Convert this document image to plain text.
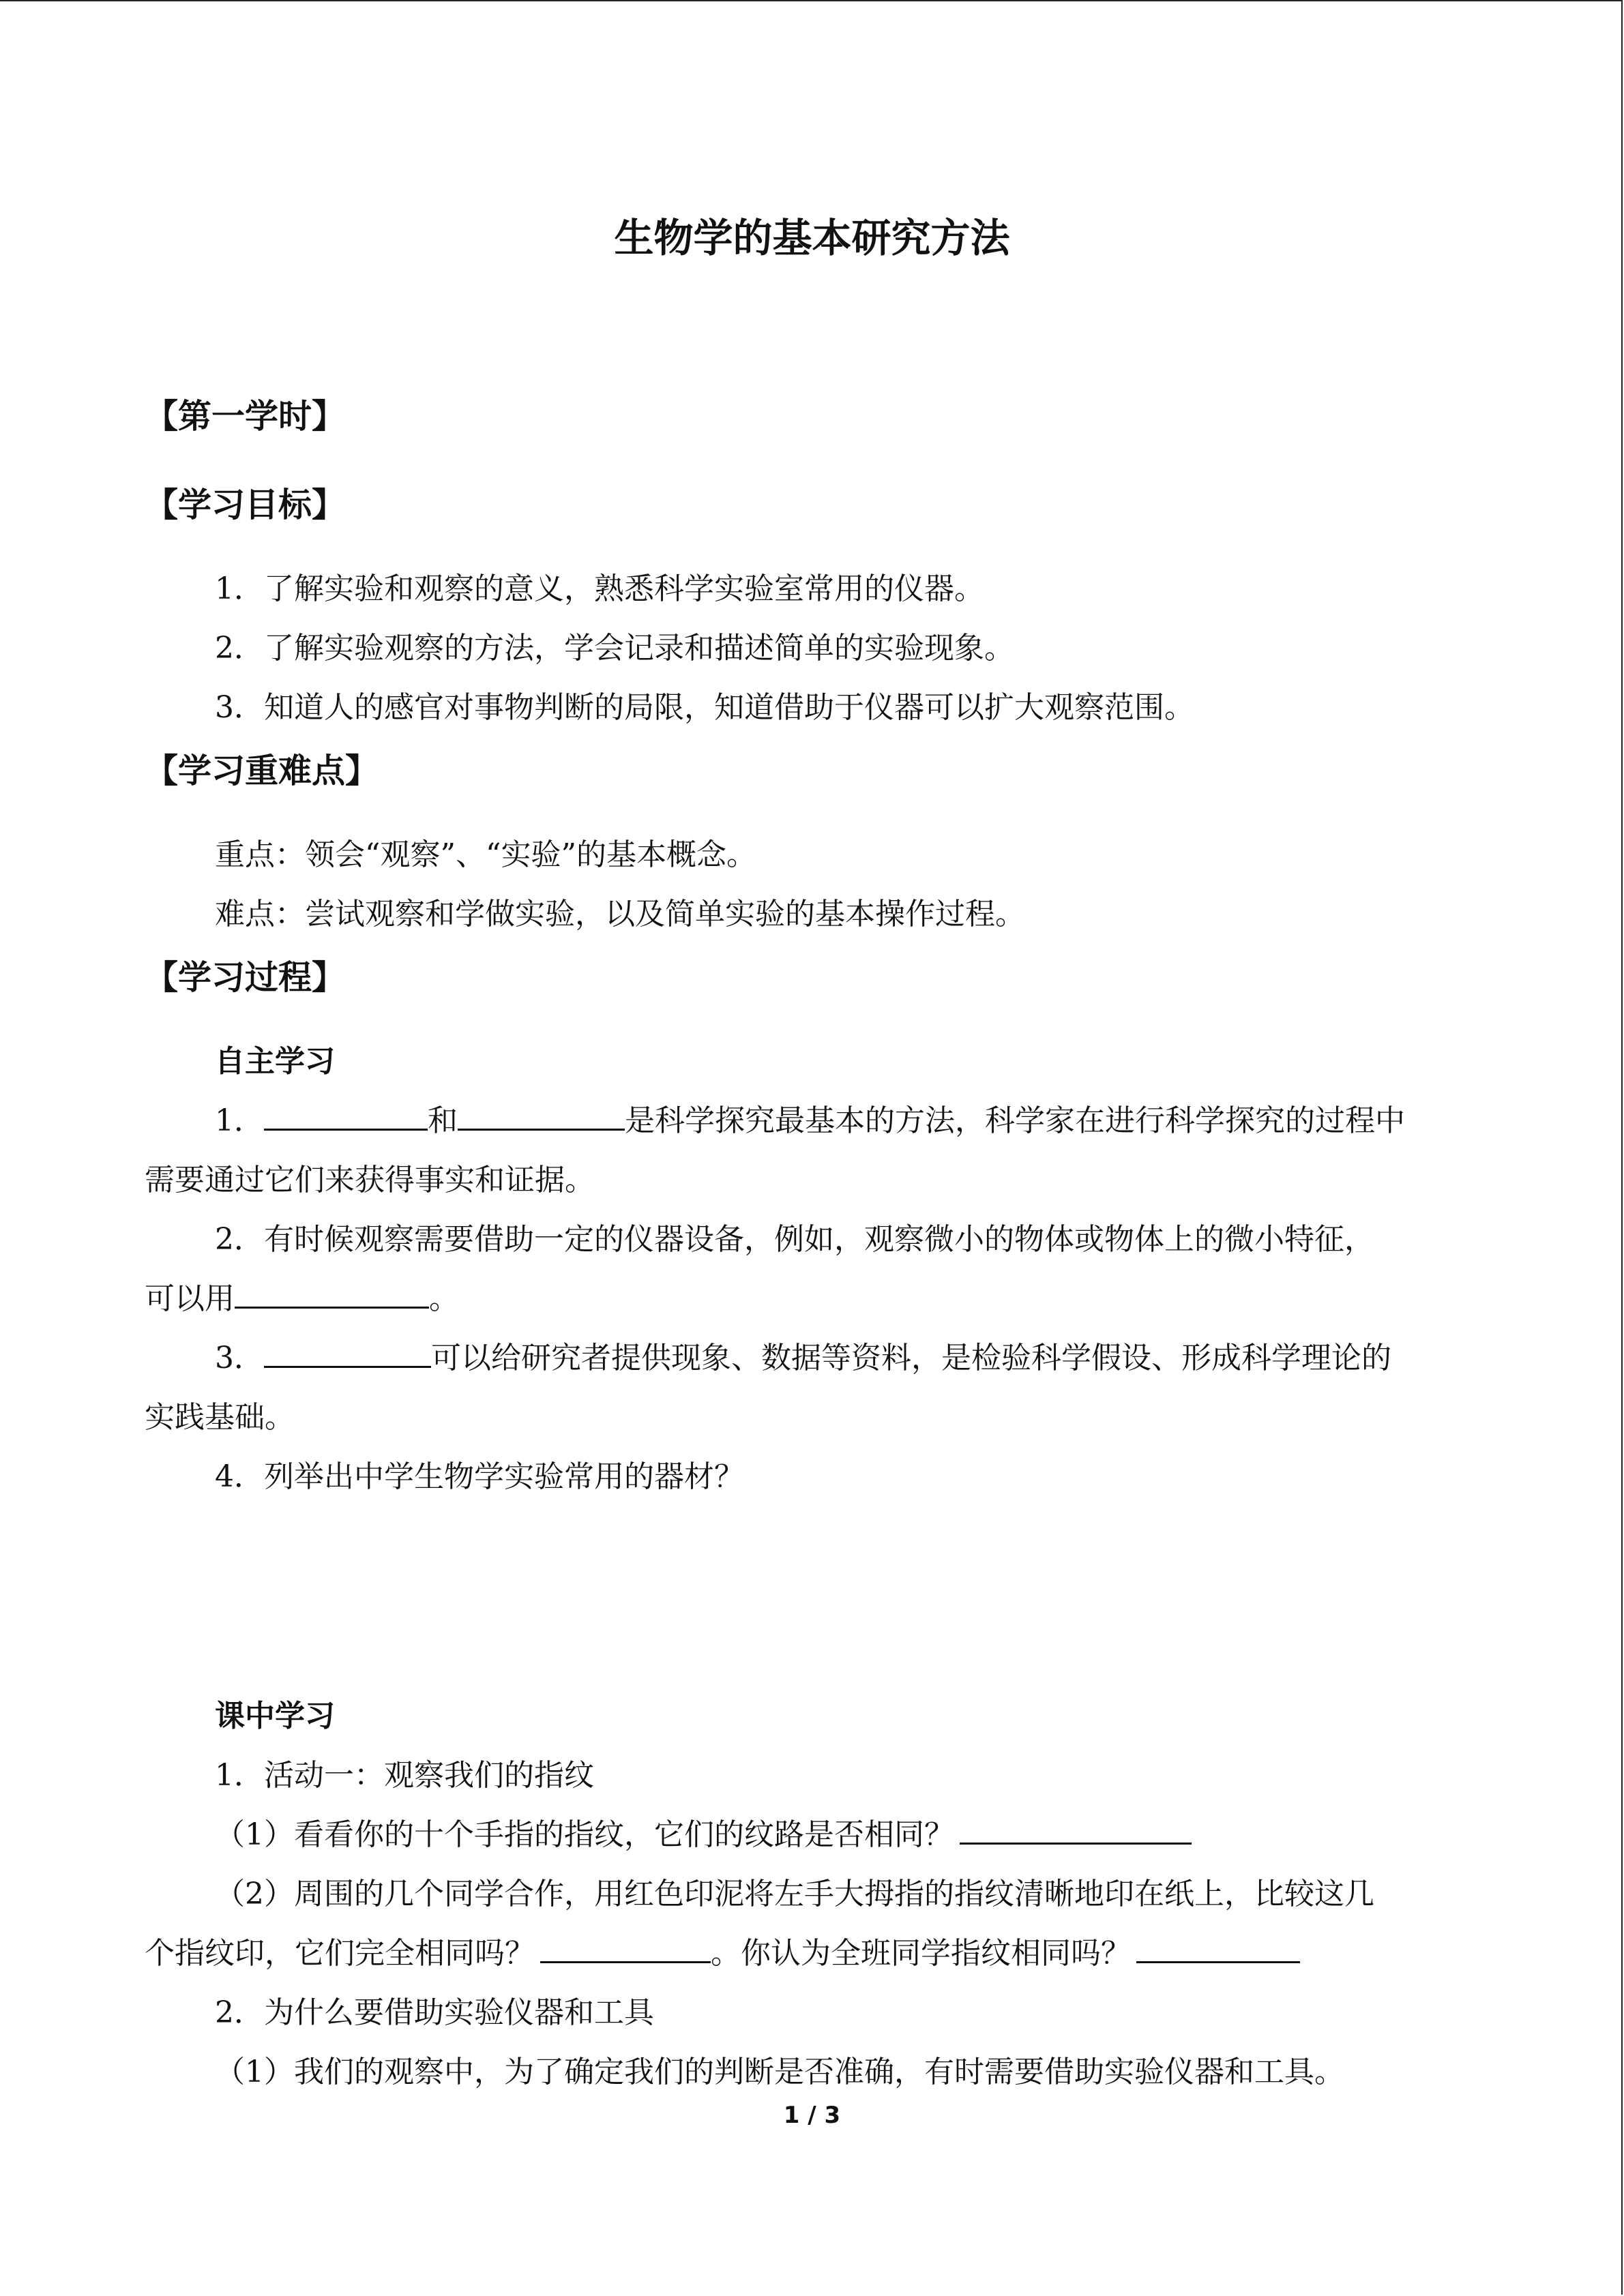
生物学的基本研究方法
【第一学时】
【学习目标】
1．了解实验和观察的意义，熟悉科学实验室常用的仪器。
2．了解实验观察的方法，学会记录和描述简单的实验现象。
3．知道人的感官对事物判断的局限，知道借助于仪器可以扩大观察范围。
【学习重难点】
重点：领会“观察”、“实验”的基本概念。
难点：尝试观察和学做实验，以及简单实验的基本操作过程。
【学习过程】
自主学习
1．	和	是科学探究最基本的方法，科学家在进行科学探究的过程中
需要通过它们来获得事实和证据。
2．有时候观察需要借助一定的仪器设备，例如，观察微小的物体或物体上的微小特征，
可以用	。
3．	可以给研究者提供现象、数据等资料，是检验科学假设、形成科学理论的
实践基础。
4．列举出中学生物学实验常用的器材？
课中学习
1．活动一：观察我们的指纹
（1）看看你的十个手指的指纹，它们的纹路是否相同？
（2）周围的几个同学合作，用红色印泥将左手大拇指的指纹清晰地印在纸上，比较这几
个指纹印，它们完全相同吗？	。你认为全班同学指纹相同吗？
2．为什么要借助实验仪器和工具
（1）我们的观察中，为了确定我们的判断是否准确，有时需要借助实验仪器和工具。
1 / 3
